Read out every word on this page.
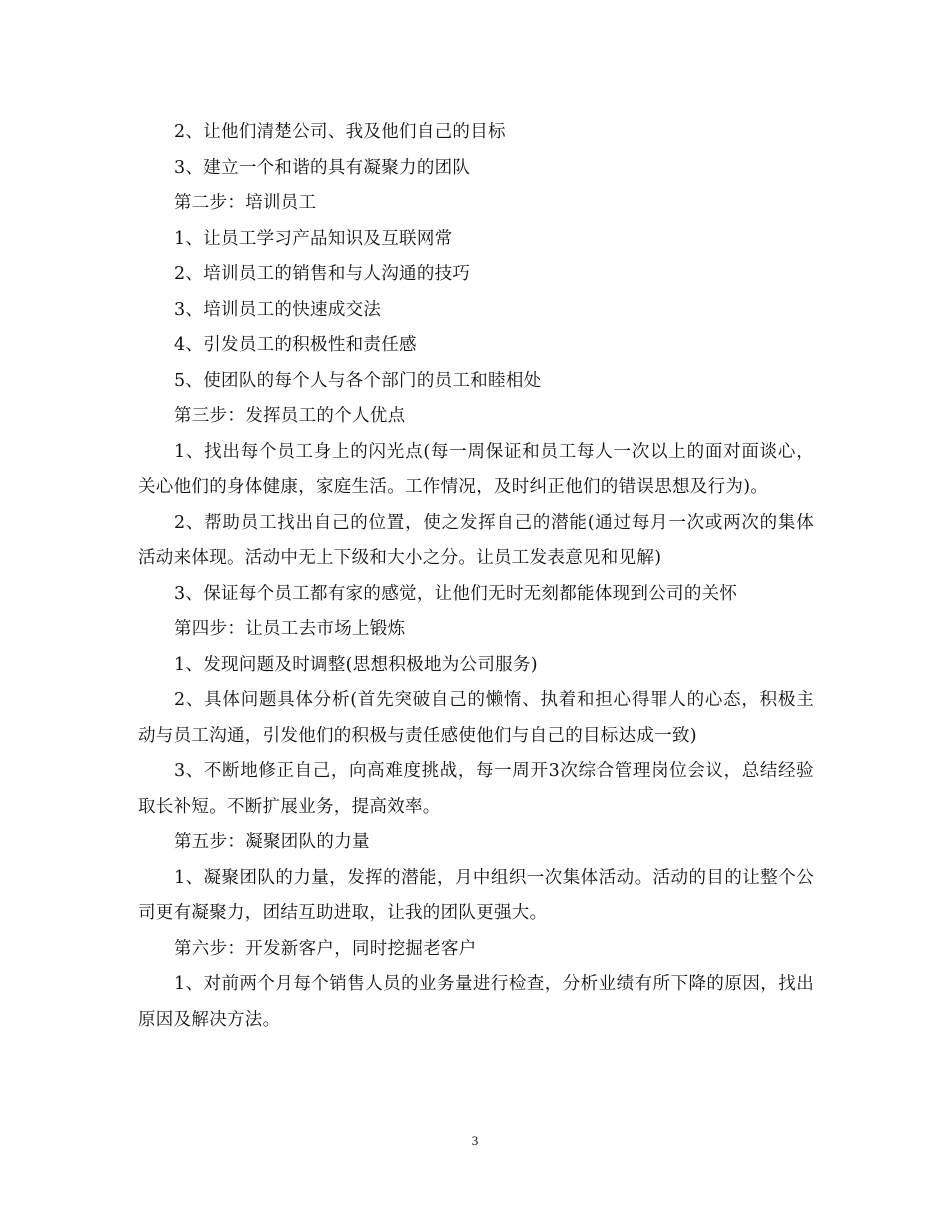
2、让他们清楚公司、我及他们自己的目标

3、建立一个和谐的具有凝聚力的团队

第二步：培训员工

1、让员工学习产品知识及互联网常

2、培训员工的销售和与人沟通的技巧

3、培训员工的快速成交法

4、引发员工的积极性和责任感

5、使团队的每个人与各个部门的员工和睦相处

第三步：发挥员工的个人优点

1、找出每个员工身上的闪光点(每一周保证和员工每人一次以上的面对面谈心，关心他们的身体健康，家庭生活。工作情况，及时纠正他们的错误思想及行为)。

2、帮助员工找出自己的位置，使之发挥自己的潜能(通过每月一次或两次的集体活动来体现。活动中无上下级和大小之分。让员工发表意见和见解)

3、保证每个员工都有家的感觉，让他们无时无刻都能体现到公司的关怀

第四步：让员工去市场上锻炼

1、发现问题及时调整(思想积极地为公司服务)

2、具体问题具体分析(首先突破自己的懒惰、执着和担心得罪人的心态，积极主动与员工沟通，引发他们的积极与责任感使他们与自己的目标达成一致)

3、不断地修正自己，向高难度挑战，每一周开3次综合管理岗位会议，总结经验取长补短。不断扩展业务，提高效率。

第五步：凝聚团队的力量

1、凝聚团队的力量，发挥的潜能，月中组织一次集体活动。活动的目的让整个公司更有凝聚力，团结互助进取，让我的团队更强大。

第六步：开发新客户，同时挖掘老客户

1、对前两个月每个销售人员的业务量进行检查，分析业绩有所下降的原因，找出原因及解决方法。

3
